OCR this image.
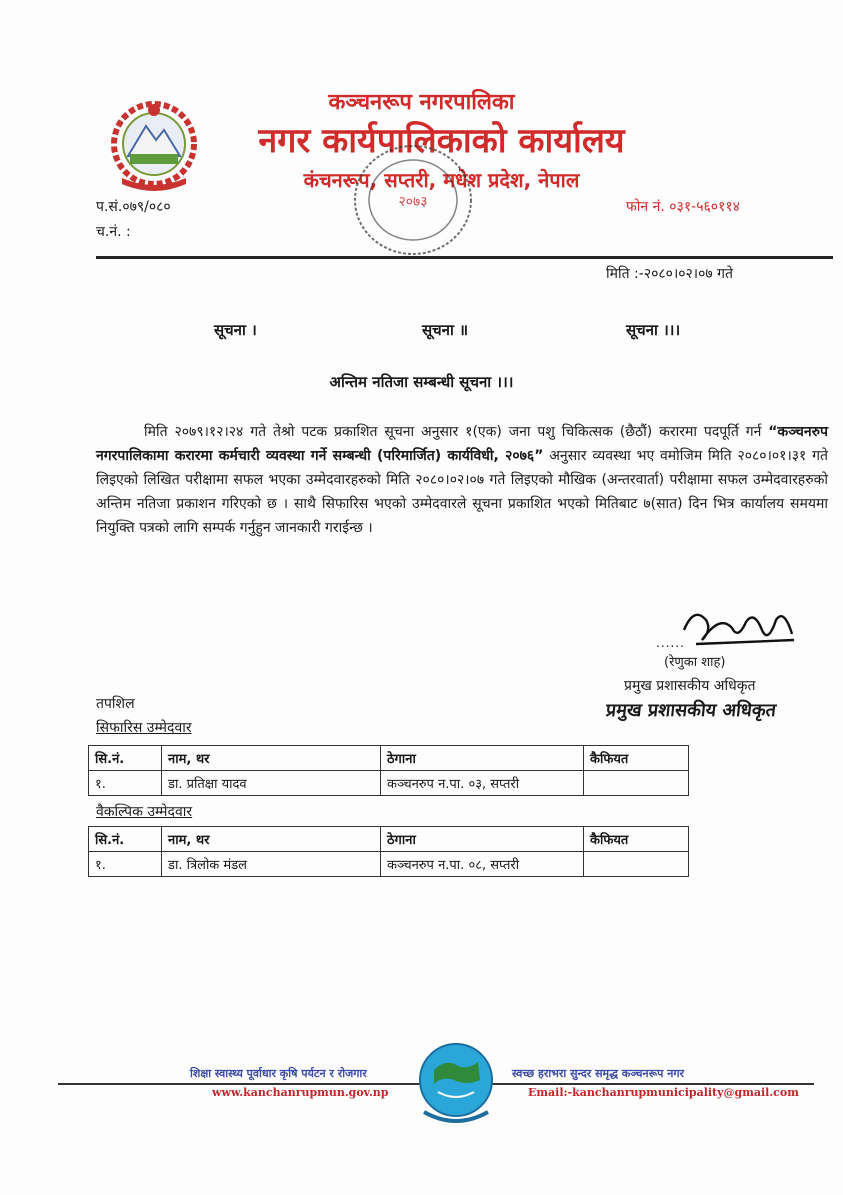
कञ्चनरूप नगरपालिका
नगर कार्यपालिकाको कार्यालय
कंचनरूप, सप्तरी, मधेश प्रदेश, नेपाल
२०७३
प.सं.०७९/०८०
च.नं. :
फोन नं. ०३१-५६०११४
मिति :-२०८०।०२।०७ गते
सूचना ।	सूचना ॥	सूचना ।।।
अन्तिम नतिजा सम्बन्धी सूचना ।।।
मिति २०७९।१२।२४ गते तेश्रो पटक प्रकाशित सूचना अनुसार १(एक) जना पशु चिकित्सक (छैठौं) करारमा पदपूर्ति गर्न “कञ्चनरुप नगरपालिकामा करारमा कर्मचारी व्यवस्था गर्ने सम्बन्धी (परिमार्जित) कार्यविधी, २०७६” अनुसार व्यवस्था भए वमोजिम मिति २०८०।०१।३१ गते लिइएको लिखित परीक्षामा सफल भएका उम्मेदवारहरुको मिति २०८०।०२।०७ गते लिइएको मौखिक (अन्तरवार्ता) परीक्षामा सफल उम्मेदवारहरुको अन्तिम नतिजा प्रकाशन गरिएको छ । साथै सिफारिस भएको उम्मेदवारले सूचना प्रकाशित भएको मितिबाट ७(सात) दिन भित्र कार्यालय समयमा नियुक्ति पत्रको लागि सम्पर्क गर्नुहुन जानकारी गराईन्छ ।
......
(रेणुका शाह)
प्रमुख प्रशासकीय अधिकृत
प्रमुख प्रशासकीय अधिकृत
तपशिल
सिफारिस उम्मेदवार
सि.नं.	नाम, थर	ठेगाना	कैफियत
१.	डा. प्रतिक्षा यादव	कञ्चनरुप न.पा. ०३, सप्तरी	
वैकल्पिक उम्मेदवार
सि.नं.	नाम, थर	ठेगाना	कैफियत
१.	डा. त्रिलोक मंडल	कञ्चनरुप न.पा. ०८, सप्तरी	
शिक्षा स्वास्थ्य पूर्वाधार कृषि पर्यटन र रोजगार	स्वच्छ हराभरा सुन्दर समृद्ध कञ्चनरूप नगर
www.kanchanrupmun.gov.np	Email:-kanchanrupmunicipality@gmail.com
